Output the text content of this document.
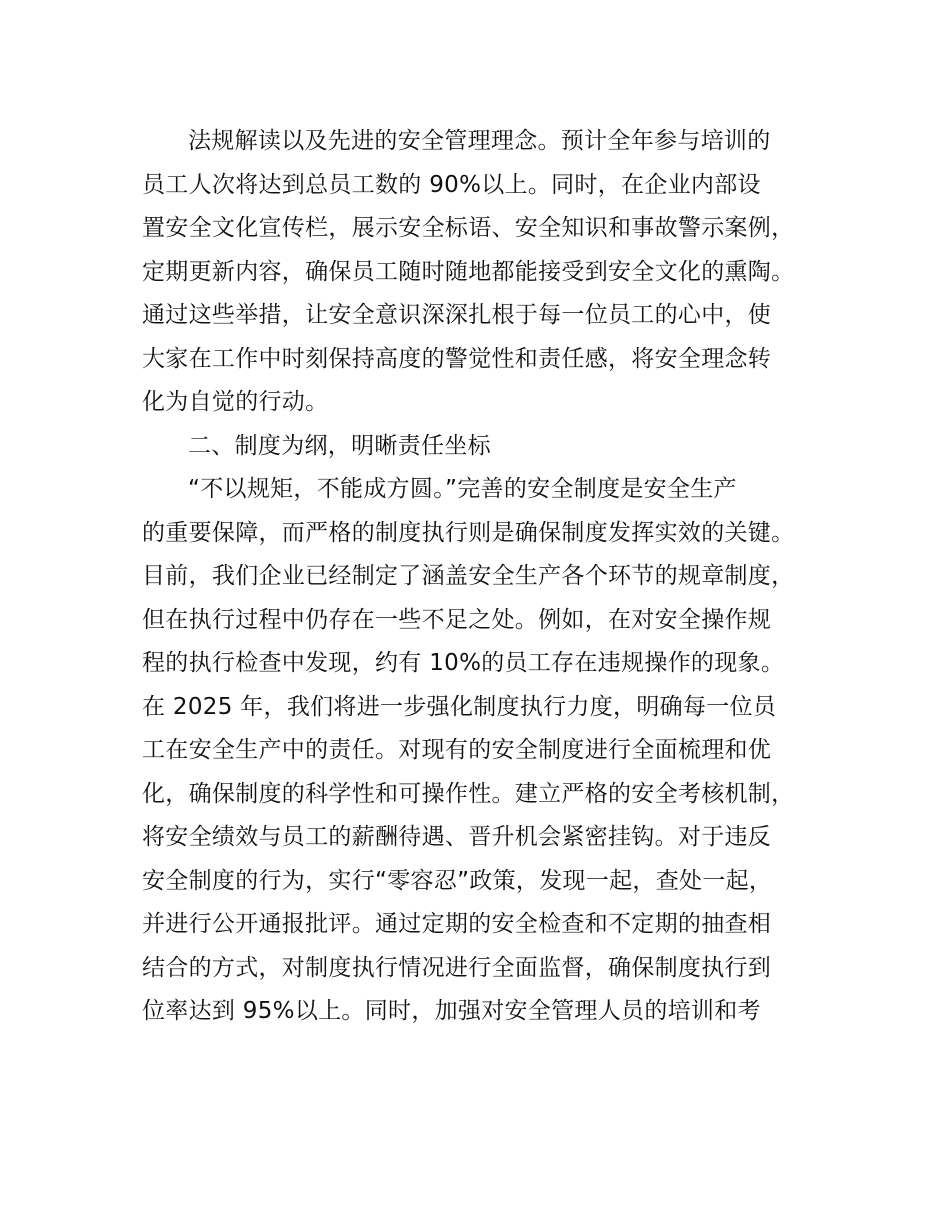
法规解读以及先进的安全管理理念。预计全年参与培训的
员工人次将达到总员工数的 90%以上。同时，在企业内部设
置安全文化宣传栏，展示安全标语、安全知识和事故警示案例，
定期更新内容，确保员工随时随地都能接受到安全文化的熏陶。
通过这些举措，让安全意识深深扎根于每一位员工的心中，使
大家在工作中时刻保持高度的警觉性和责任感，将安全理念转
化为自觉的行动。
二、制度为纲，明晰责任坐标
“不以规矩，不能成方圆。”完善的安全制度是安全生产
的重要保障，而严格的制度执行则是确保制度发挥实效的关键。
目前，我们企业已经制定了涵盖安全生产各个环节的规章制度，
但在执行过程中仍存在一些不足之处。例如，在对安全操作规
程的执行检查中发现，约有 10%的员工存在违规操作的现象。
在 2025 年，我们将进一步强化制度执行力度，明确每一位员
工在安全生产中的责任。对现有的安全制度进行全面梳理和优
化，确保制度的科学性和可操作性。建立严格的安全考核机制，
将安全绩效与员工的薪酬待遇、晋升机会紧密挂钩。对于违反
安全制度的行为，实行“零容忍”政策，发现一起，查处一起，
并进行公开通报批评。通过定期的安全检查和不定期的抽查相
结合的方式，对制度执行情况进行全面监督，确保制度执行到
位率达到 95%以上。同时，加强对安全管理人员的培训和考
